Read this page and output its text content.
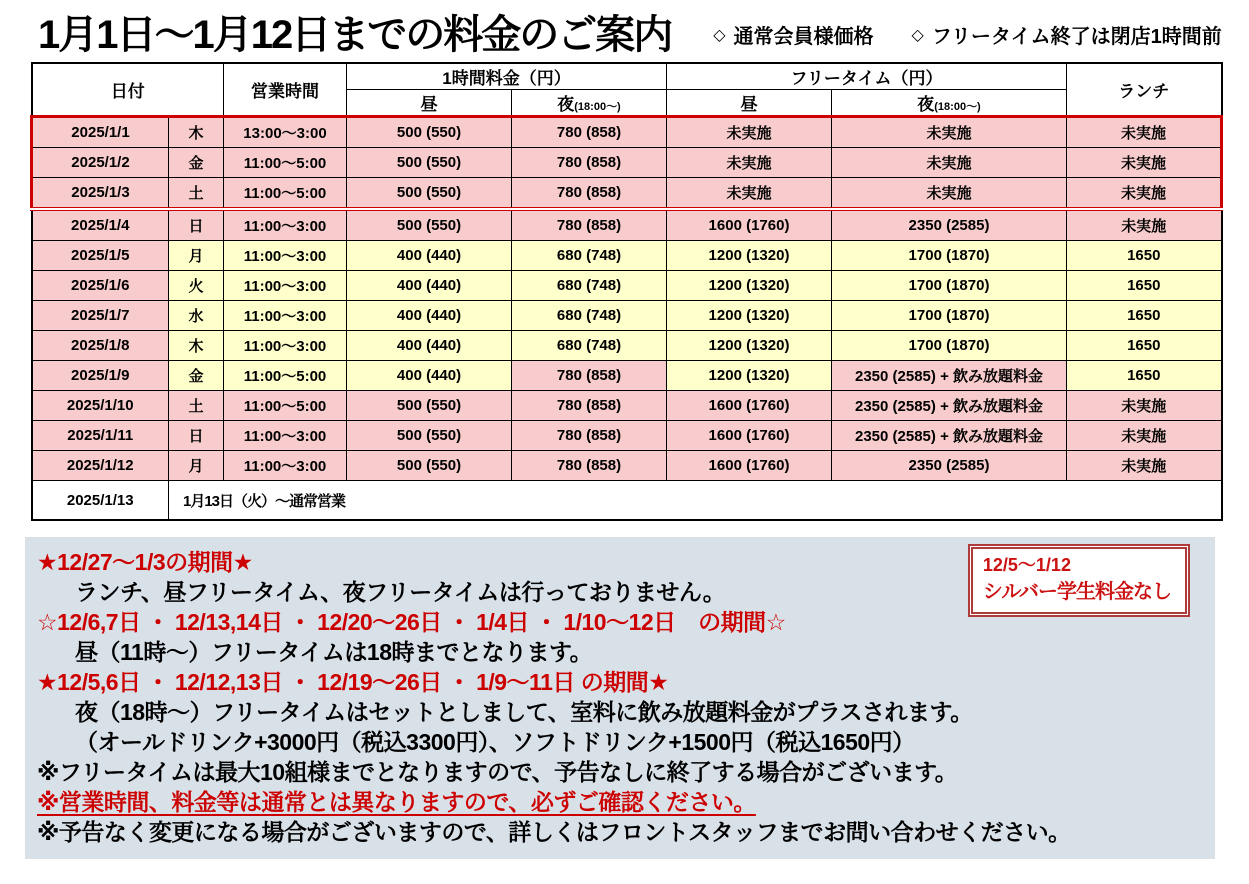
1月1日～1月12日までの料金のご案内	◇ 通常会員様価格 ◇ フリータイム終了は閉店1時間前
日付		営業時間	1時間料金（円）		フリータイム（円）		ランチ
			昼	夜(18:00～)	昼	夜(18:00～)	
2025/1/1	木	13:00～3:00	500 (550)	780 (858)	未実施	未実施	未実施
2025/1/2	金	11:00～5:00	500 (550)	780 (858)	未実施	未実施	未実施
2025/1/3	土	11:00～5:00	500 (550)	780 (858)	未実施	未実施	未実施
2025/1/4	日	11:00～3:00	500 (550)	780 (858)	1600 (1760)	2350 (2585)	未実施
2025/1/5	月	11:00～3:00	400 (440)	680 (748)	1200 (1320)	1700 (1870)	1650
2025/1/6	火	11:00～3:00	400 (440)	680 (748)	1200 (1320)	1700 (1870)	1650
2025/1/7	水	11:00～3:00	400 (440)	680 (748)	1200 (1320)	1700 (1870)	1650
2025/1/8	木	11:00～3:00	400 (440)	680 (748)	1200 (1320)	1700 (1870)	1650
2025/1/9	金	11:00～5:00	400 (440)	780 (858)	1200 (1320)	2350 (2585) + 飲み放題料金	1650
2025/1/10	土	11:00～5:00	500 (550)	780 (858)	1600 (1760)	2350 (2585) + 飲み放題料金	未実施
2025/1/11	日	11:00～3:00	500 (550)	780 (858)	1600 (1760)	2350 (2585) + 飲み放題料金	未実施
2025/1/12	月	11:00～3:00	500 (550)	780 (858)	1600 (1760)	2350 (2585)	未実施
2025/1/13	1月13日（火）～通常営業						
★12/27～1/3の期間★
ランチ、昼フリータイム、夜フリータイムは行っておりません。
☆12/6,7日 ・ 12/13,14日 ・ 12/20～26日 ・ 1/4日 ・ 1/10～12日　の期間☆
昼（11時～）フリータイムは18時までとなります。
★12/5,6日 ・ 12/12,13日 ・ 12/19～26日 ・ 1/9～11日 の期間★
夜（18時～）フリータイムはセットとしまして、室料に飲み放題料金がプラスされます。
（オールドリンク+3000円（税込3300円）、ソフトドリンク+1500円（税込1650円）
※フリータイムは最大10組様までとなりますので、予告なしに終了する場合がございます。
※営業時間、料金等は通常とは異なりますので、必ずご確認ください。
※予告なく変更になる場合がございますので、詳しくはフロントスタッフまでお問い合わせください。
12/5～1/12
シルバー学生料金なし
